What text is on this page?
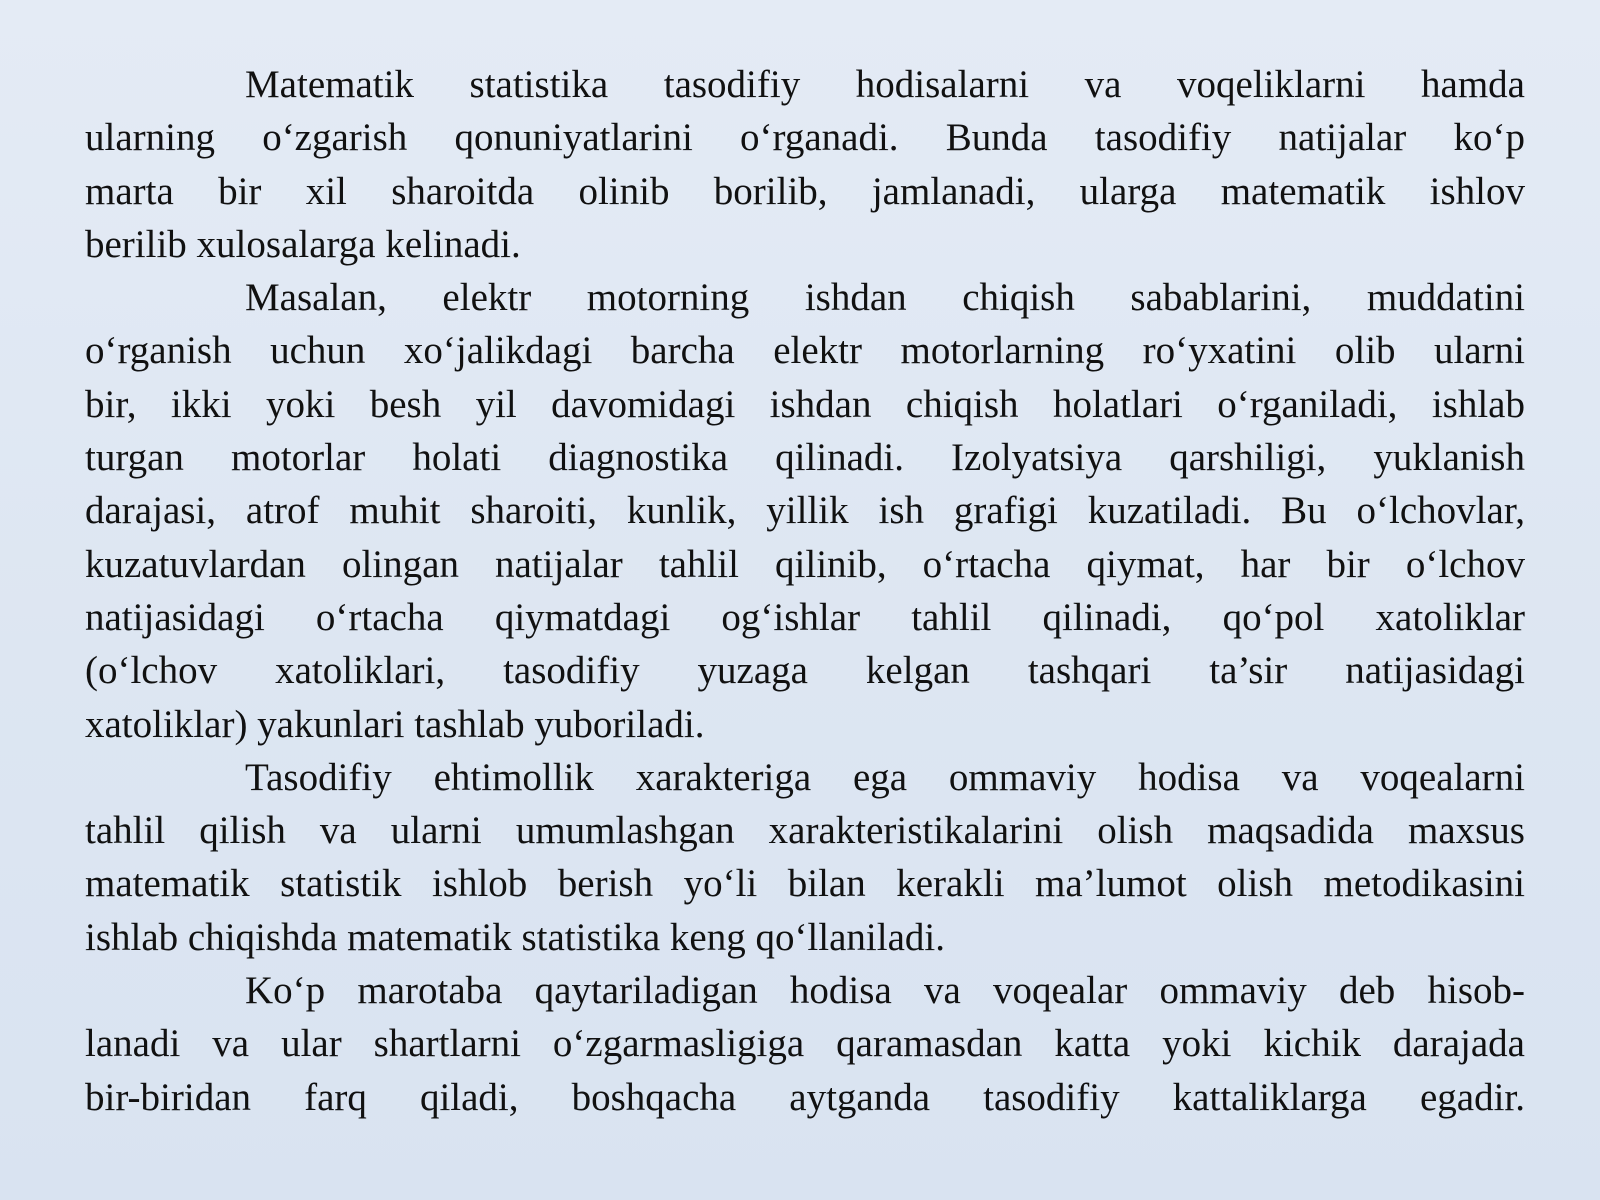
Matematik statistika tasodifiy hodisalarni va voqeliklarni hamda
ularning o‘zgarish qonuniyatlarini o‘rganadi. Bunda tasodifiy natijalar ko‘p
marta bir xil sharoitda olinib borilib, jamlanadi, ularga matematik ishlov
berilib xulosalarga kelinadi.

Masalan, elektr motorning ishdan chiqish sabablarini, muddatini
o‘rganish uchun xo‘jalikdagi barcha elektr motorlarning ro‘yxatini olib ularni
bir, ikki yoki besh yil davomidagi ishdan chiqish holatlari o‘rganiladi, ishlab
turgan motorlar holati diagnostika qilinadi. Izolyatsiya qarshiligi, yuklanish
darajasi, atrof muhit sharoiti, kunlik, yillik ish grafigi kuzatiladi. Bu o‘lchovlar,
kuzatuvlardan olingan natijalar tahlil qilinib, o‘rtacha qiymat, har bir o‘lchov
natijasidagi o‘rtacha qiymatdagi og‘ishlar tahlil qilinadi, qo‘pol xatoliklar
(o‘lchov xatoliklari, tasodifiy yuzaga kelgan tashqari ta’sir natijasidagi
xatoliklar) yakunlari tashlab yuboriladi.

Tasodifiy ehtimollik xarakteriga ega ommaviy hodisa va voqealarni
tahlil qilish va ularni umumlashgan xarakteristikalarini olish maqsadida maxsus
matematik statistik ishlob berish yo‘li bilan kerakli ma’lumot olish metodikasini
ishlab chiqishda matematik statistika keng qo‘llaniladi.

Ko‘p marotaba qaytariladigan hodisa va voqealar ommaviy deb hisob-
lanadi va ular shartlarni o‘zgarmasligiga qaramasdan katta yoki kichik darajada
bir-biridan farq qiladi, boshqacha aytganda tasodifiy kattaliklarga egadir.
